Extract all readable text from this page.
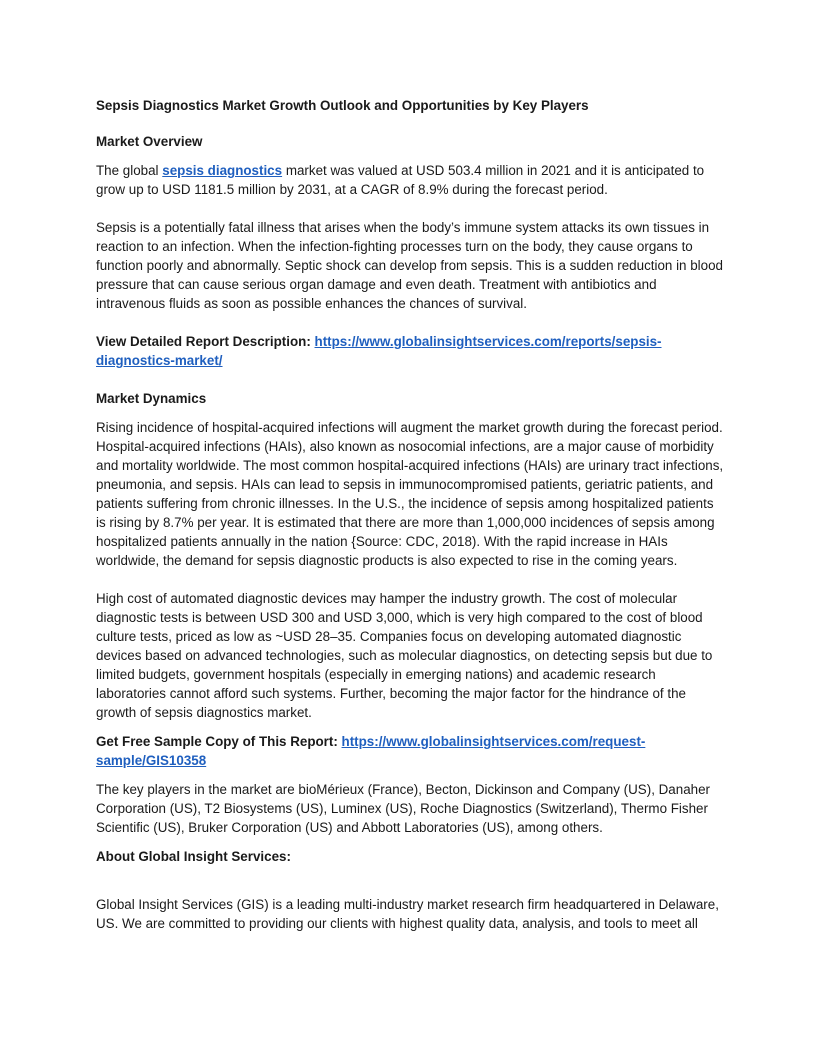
Sepsis Diagnostics Market Growth Outlook and Opportunities by Key Players
Market Overview

The global sepsis diagnostics market was valued at USD 503.4 million in 2021 and it is anticipated to grow up to USD 1181.5 million by 2031, at a CAGR of 8.9% during the forecast period.

Sepsis is a potentially fatal illness that arises when the body’s immune system attacks its own tissues in reaction to an infection. When the infection-fighting processes turn on the body, they cause organs to function poorly and abnormally. Septic shock can develop from sepsis. This is a sudden reduction in blood pressure that can cause serious organ damage and even death. Treatment with antibiotics and intravenous fluids as soon as possible enhances the chances of survival.

View Detailed Report Description: https://www.globalinsightservices.com/reports/sepsis-diagnostics-market/

Market Dynamics

Rising incidence of hospital-acquired infections will augment the market growth during the forecast period. Hospital-acquired infections (HAIs), also known as nosocomial infections, are a major cause of morbidity and mortality worldwide. The most common hospital-acquired infections (HAIs) are urinary tract infections, pneumonia, and sepsis. HAIs can lead to sepsis in immunocompromised patients, geriatric patients, and patients suffering from chronic illnesses. In the U.S., the incidence of sepsis among hospitalized patients is rising by 8.7% per year. It is estimated that there are more than 1,000,000 incidences of sepsis among hospitalized patients annually in the nation {Source: CDC, 2018). With the rapid increase in HAIs worldwide, the demand for sepsis diagnostic products is also expected to rise in the coming years.

High cost of automated diagnostic devices may hamper the industry growth. The cost of molecular diagnostic tests is between USD 300 and USD 3,000, which is very high compared to the cost of blood culture tests, priced as low as ~USD 28–35. Companies focus on developing automated diagnostic devices based on advanced technologies, such as molecular diagnostics, on detecting sepsis but due to limited budgets, government hospitals (especially in emerging nations) and academic research laboratories cannot afford such systems. Further, becoming the major factor for the hindrance of the growth of sepsis diagnostics market.

Get Free Sample Copy of This Report: https://www.globalinsightservices.com/request-sample/GIS10358

The key players in the market are bioMérieux (France), Becton, Dickinson and Company (US), Danaher Corporation (US), T2 Biosystems (US), Luminex (US), Roche Diagnostics (Switzerland), Thermo Fisher Scientific (US), Bruker Corporation (US) and Abbott Laboratories (US), among others.

About Global Insight Services:

Global Insight Services (GIS) is a leading multi-industry market research firm headquartered in Delaware, US. We are committed to providing our clients with highest quality data, analysis, and tools to meet all
